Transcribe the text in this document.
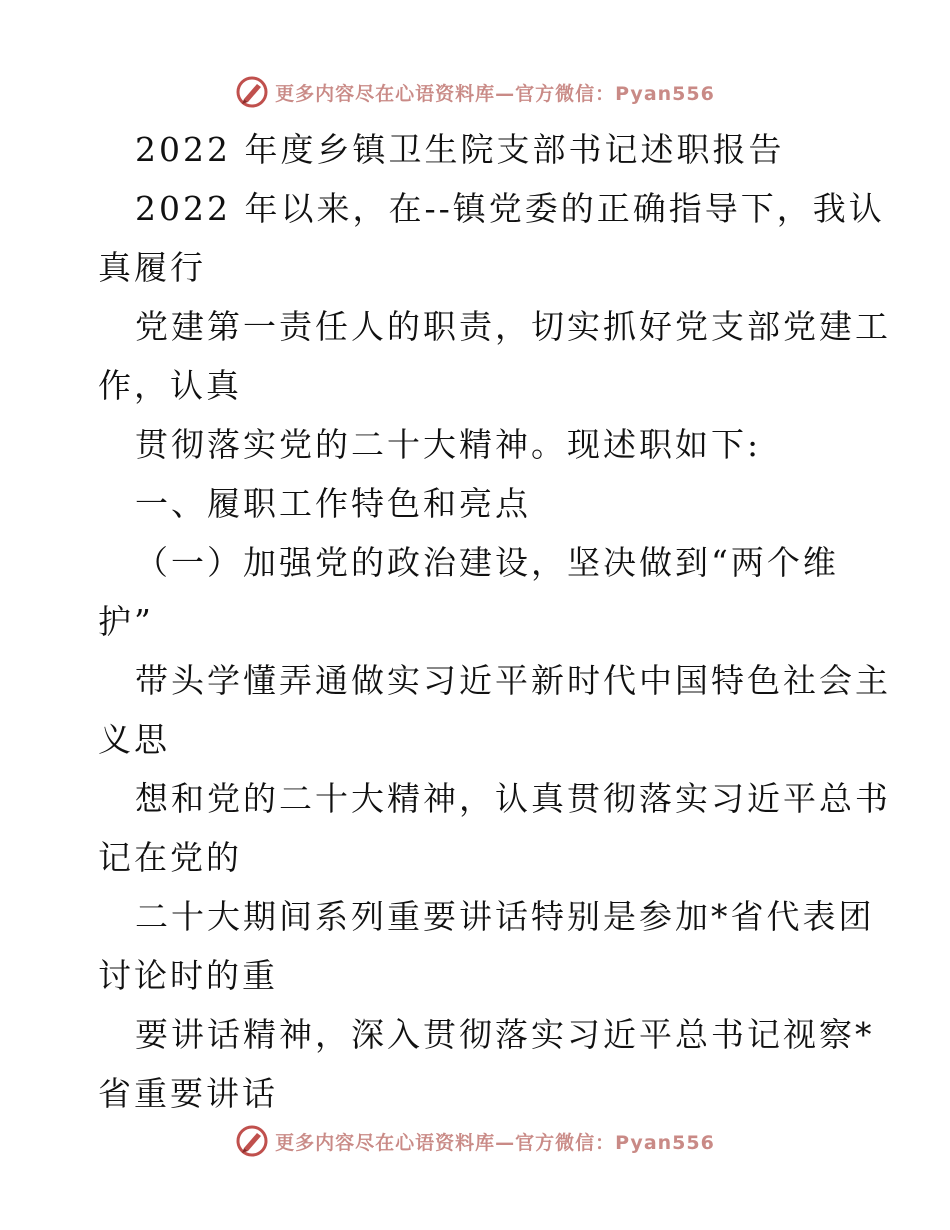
更多内容尽在心语资料库—官方微信：Pyan556
2022 年度乡镇卫生院支部书记述职报告
2022 年以来，在--镇党委的正确指导下，我认
真履行
党建第一责任人的职责，切实抓好党支部党建工
作，认真
贯彻落实党的二十大精神。现述职如下:
一、履职工作特色和亮点
（一）加强党的政治建设，坚决做到“两个维
护”
带头学懂弄通做实习近平新时代中国特色社会主
义思
想和党的二十大精神，认真贯彻落实习近平总书
记在党的
二十大期间系列重要讲话特别是参加*省代表团
讨论时的重
要讲话精神，深入贯彻落实习近平总书记视察*
省重要讲话
更多内容尽在心语资料库—官方微信：Pyan556
